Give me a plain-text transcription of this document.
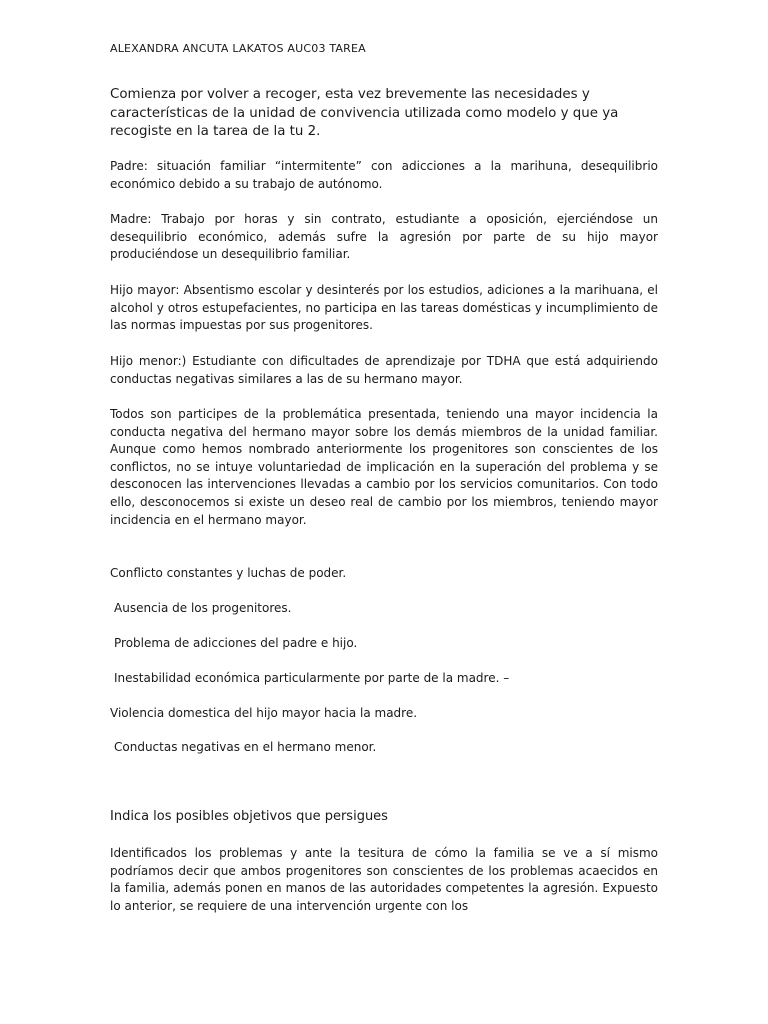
ALEXANDRA ANCUTA LAKATOS AUC03 TAREA
Comienza por volver a recoger, esta vez brevemente las necesidades y características de la unidad de convivencia utilizada como modelo y que ya recogiste en la tarea de la tu 2.
Padre: situación familiar “intermitente” con adicciones a la marihuna, desequilibrio económico debido a su trabajo de autónomo.
Madre: Trabajo por horas y sin contrato, estudiante a oposición, ejerciéndose un desequilibrio económico, además sufre la agresión por parte de su hijo mayor produciéndose un desequilibrio familiar.
Hijo mayor: Absentismo escolar y desinterés por los estudios, adiciones a la marihuana, el alcohol y otros estupefacientes, no participa en las tareas domésticas y incumplimiento de las normas impuestas por sus progenitores.
Hijo menor:) Estudiante con dificultades de aprendizaje por TDHA que está adquiriendo conductas negativas similares a las de su hermano mayor.
Todos son participes de la problemática presentada, teniendo una mayor incidencia la conducta negativa del hermano mayor sobre los demás miembros de la unidad familiar. Aunque como hemos nombrado anteriormente los progenitores son conscientes de los conflictos, no se intuye voluntariedad de implicación en la superación del problema y se desconocen las intervenciones llevadas a cambio por los servicios comunitarios. Con todo ello, desconocemos si existe un deseo real de cambio por los miembros, teniendo mayor incidencia en el hermano mayor.
Conflicto constantes y luchas de poder.
Ausencia de los progenitores.
Problema de adicciones del padre e hijo.
Inestabilidad económica particularmente por parte de la madre. –
Violencia domestica del hijo mayor hacia la madre.
Conductas negativas en el hermano menor.
Indica los posibles objetivos que persigues
Identificados los problemas y ante la tesitura de cómo la familia se ve a sí mismo podríamos decir que ambos progenitores son conscientes de los problemas acaecidos en la familia, además ponen en manos de las autoridades competentes la agresión. Expuesto lo anterior, se requiere de una intervención urgente con los
